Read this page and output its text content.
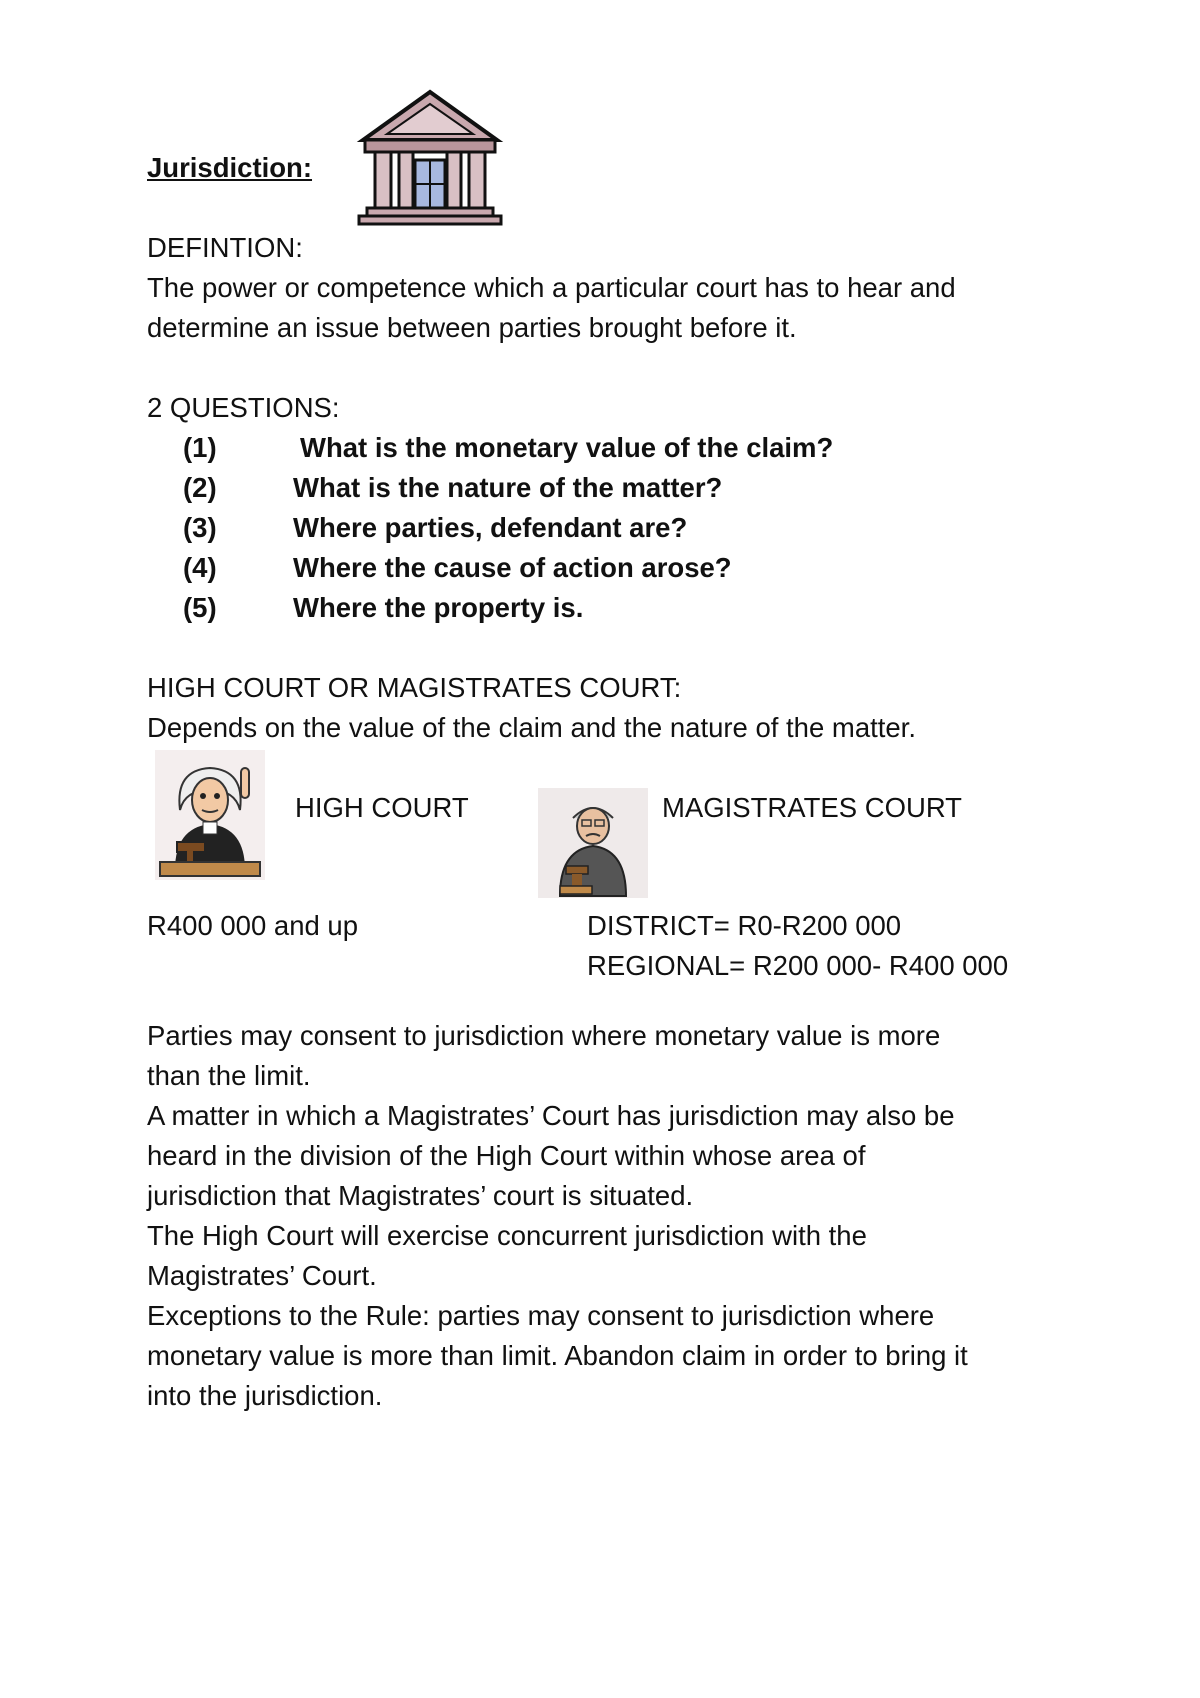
Jurisdiction:
DEFINTION:
The power or competence which a particular court has to hear and
determine an issue between parties brought before it.
2 QUESTIONS:
(1)	What is the monetary value of the claim?
(2)	What is the nature of the matter?
(3)	Where parties, defendant are?
(4)	Where the cause of action arose?
(5)	Where the property is.
HIGH COURT OR MAGISTRATES COURT:
Depends on the value of the claim and the nature of the matter.
HIGH COURT	MAGISTRATES COURT
R400 000 and up	DISTRICT= R0-R200 000
REGIONAL= R200 000- R400 000
Parties may consent to jurisdiction where monetary value is more
than the limit.
A matter in which a Magistrates’ Court has jurisdiction may also be
heard in the division of the High Court within whose area of
jurisdiction that Magistrates’ court is situated.
The High Court will exercise concurrent jurisdiction with the
Magistrates’ Court.
Exceptions to the Rule: parties may consent to jurisdiction where
monetary value is more than limit. Abandon claim in order to bring it
into the jurisdiction.
